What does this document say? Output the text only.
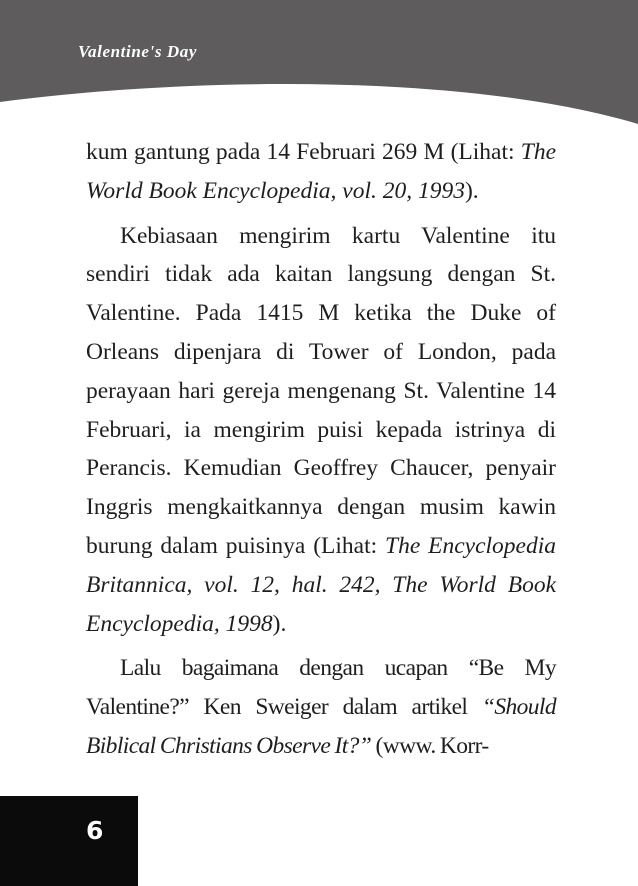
Valentine's Day

kum gantung pada 14 Februari 269 M (Lihat: The World Book Encyclopedia, vol. 20, 1993).

Kebiasaan mengirim kartu Valentine itu sendiri tidak ada kaitan langsung dengan St. Valentine. Pada 1415 M ketika the Duke of Orleans dipenjara di Tower of London, pada perayaan hari gereja mengenang St. Valentine 14 Februari, ia mengirim puisi kepada istrinya di Perancis. Kemudian Geoffrey Chaucer, penyair Inggris mengkaitkannya dengan musim kawin burung dalam puisinya (Lihat: The Encyclopedia Britannica, vol. 12, hal. 242, The World Book Encyclopedia, 1998).

Lalu bagaimana dengan ucapan “Be My Valentine?” Ken Sweiger dalam artikel “Should Biblical Christians Observe It?” (www. Korr-

6
